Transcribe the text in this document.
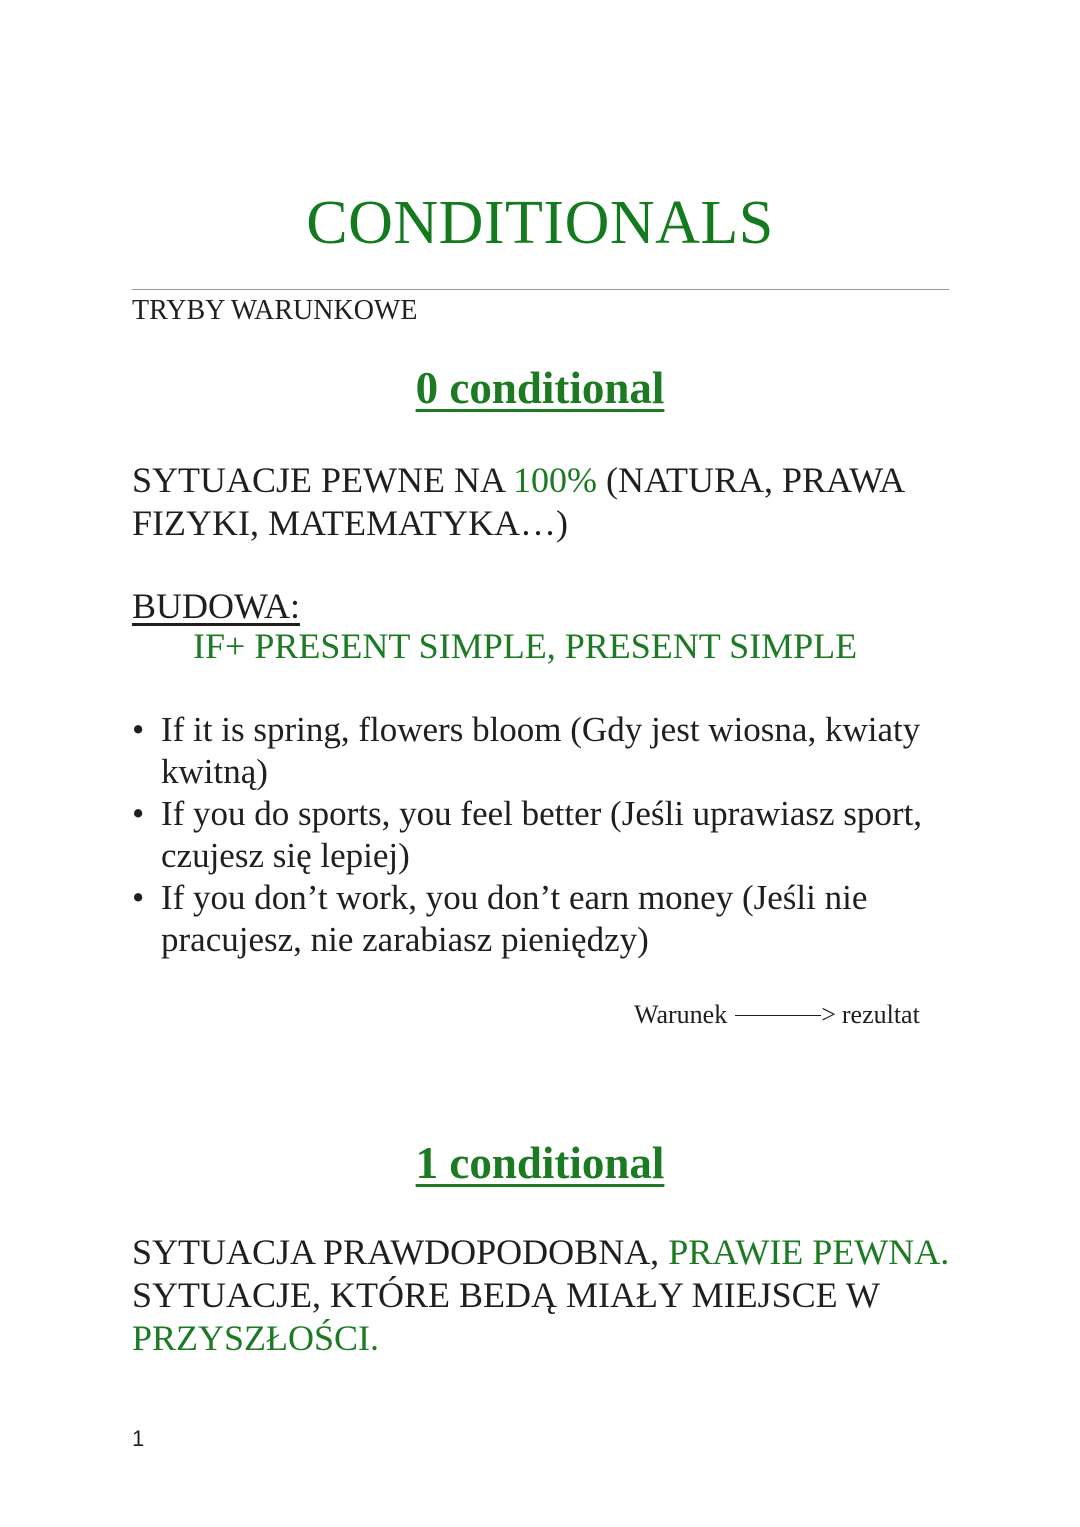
CONDITIONALS
TRYBY WARUNKOWE
0 conditional
SYTUACJE PEWNE NA 100% (NATURA, PRAWA FIZYKI, MATEMATYKA…)
BUDOWA:
IF+ PRESENT SIMPLE, PRESENT SIMPLE
• If it is spring, flowers bloom (Gdy jest wiosna, kwiaty kwitną)
• If you do sports, you feel better (Jeśli uprawiasz sport, czujesz się lepiej)
• If you don’t work, you don’t earn money (Jeśli nie pracujesz, nie zarabiasz pieniędzy)
Warunek	> rezultat
1 conditional
SYTUACJA PRAWDOPODOBNA, PRAWIE PEWNA. SYTUACJE, KTÓRE BEDĄ MIAŁY MIEJSCE W PRZYSZŁOŚCI.
1
